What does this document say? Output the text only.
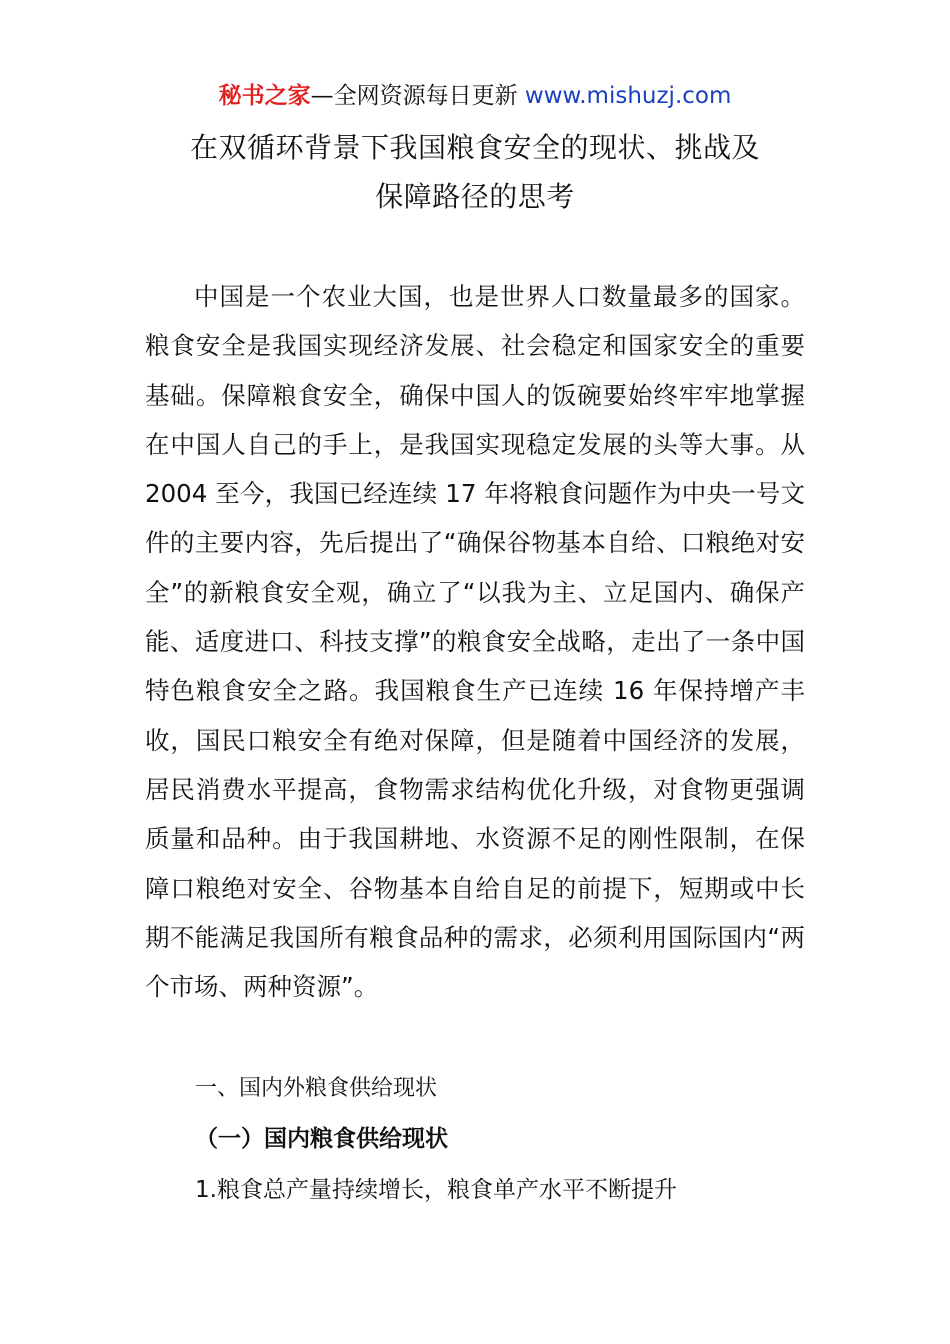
秘书之家—全网资源每日更新 www.mishuzj.com
在双循环背景下我国粮食安全的现状、挑战及
保障路径的思考

中国是一个农业大国，也是世界人口数量最多的国家。粮食安全是我国实现经济发展、社会稳定和国家安全的重要基础。保障粮食安全，确保中国人的饭碗要始终牢牢地掌握在中国人自己的手上，是我国实现稳定发展的头等大事。从 2004 至今，我国已经连续 17 年将粮食问题作为中央一号文件的主要内容，先后提出了“确保谷物基本自给、口粮绝对安全”的新粮食安全观，确立了“以我为主、立足国内、确保产能、适度进口、科技支撑”的粮食安全战略，走出了一条中国特色粮食安全之路。我国粮食生产已连续 16 年保持增产丰收，国民口粮安全有绝对保障，但是随着中国经济的发展，居民消费水平提高，食物需求结构优化升级，对食物更强调质量和品种。由于我国耕地、水资源不足的刚性限制，在保障口粮绝对安全、谷物基本自给自足的前提下，短期或中长期不能满足我国所有粮食品种的需求，必须利用国际国内“两个市场、两种资源”。

一、国内外粮食供给现状
（一）国内粮食供给现状
1.粮食总产量持续增长，粮食单产水平不断提升
